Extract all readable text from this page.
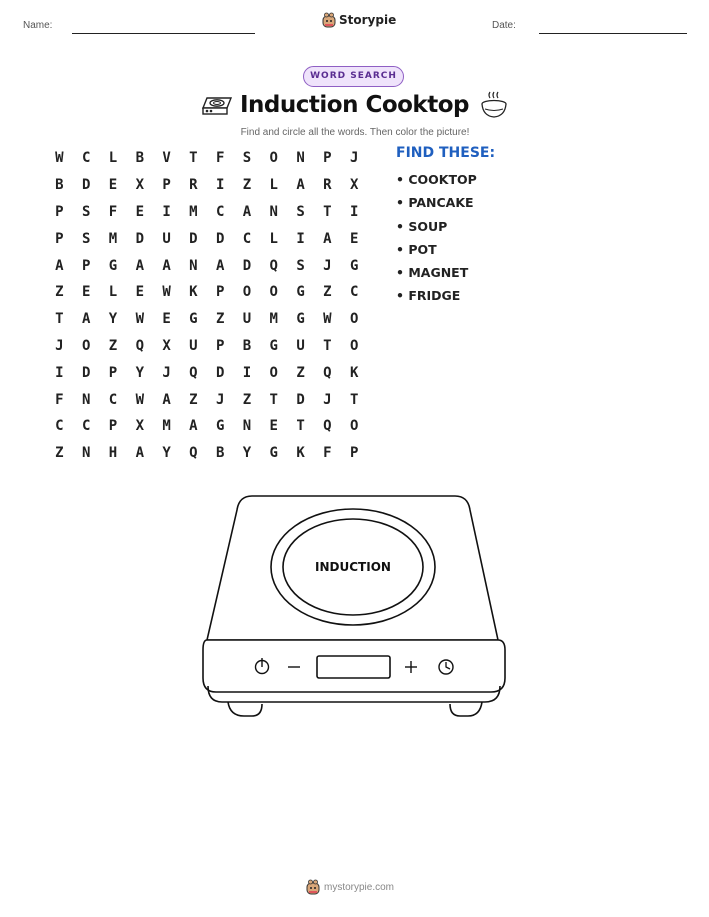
Name:	Storypie	Date:
WORD SEARCH
Induction Cooktop
Find and circle all the words. Then color the picture!
W	C	L	B	V	T	F	S	O	N	P	J
B	D	E	X	P	R	I	Z	L	A	R	X
P	S	F	E	I	M	C	A	N	S	T	I
P	S	M	D	U	D	D	C	L	I	A	E
A	P	G	A	A	N	A	D	Q	S	J	G
Z	E	L	E	W	K	P	O	O	G	Z	C
T	A	Y	W	E	G	Z	U	M	G	W	O
J	O	Z	Q	X	U	P	B	G	U	T	O
I	D	P	Y	J	Q	D	I	O	Z	Q	K
F	N	C	W	A	Z	J	Z	T	D	J	T
C	C	P	X	M	A	G	N	E	T	Q	O
Z	N	H	A	Y	Q	B	Y	G	K	F	P
FIND THESE:
• COOKTOP
• PANCAKE
• SOUP
• POT
• MAGNET
• FRIDGE
INDUCTION
mystorypie.com
